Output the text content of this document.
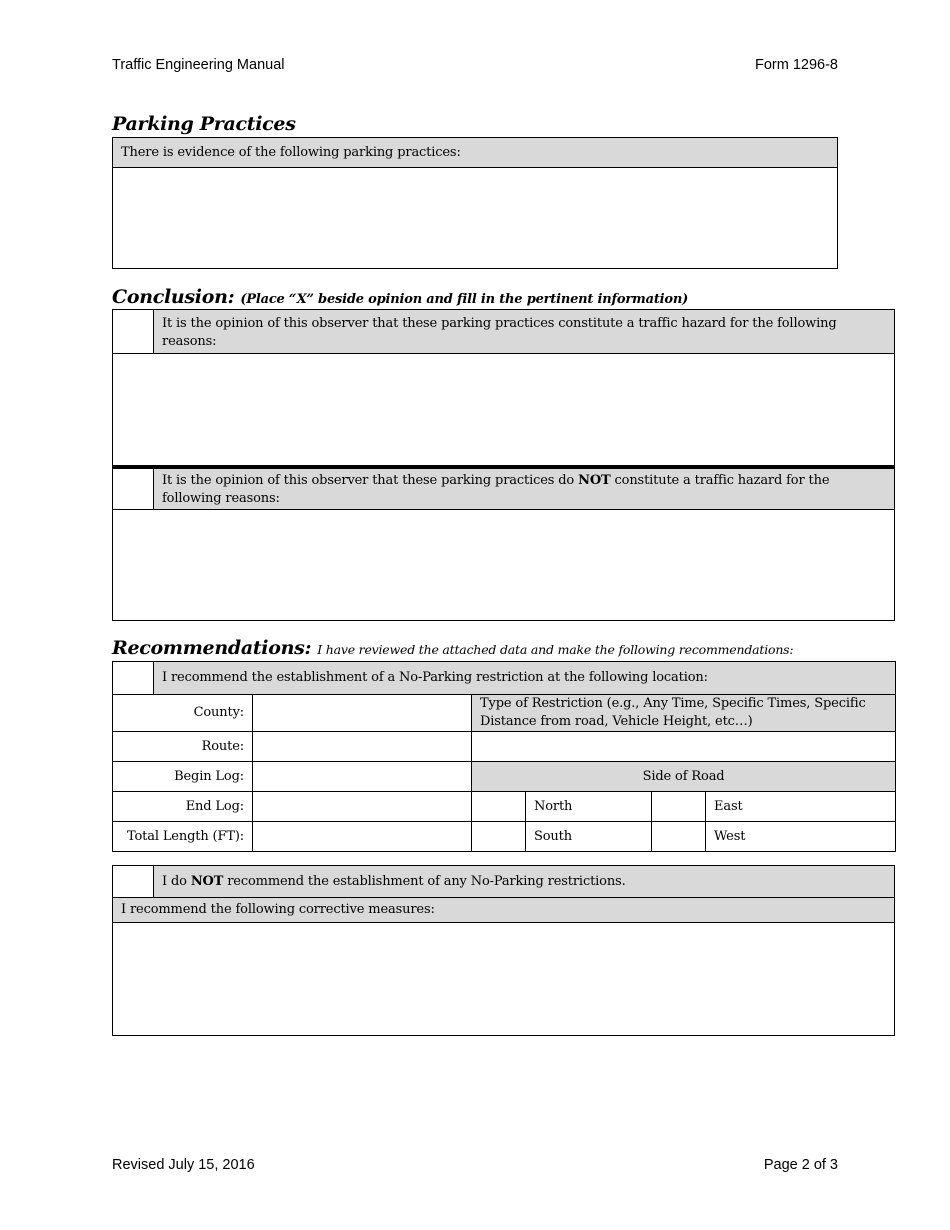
Traffic Engineering Manual	Form 1296-8
Parking Practices
There is evidence of the following parking practices:
Conclusion: (Place “X” beside opinion and fill in the pertinent information)
It is the opinion of this observer that these parking practices constitute a traffic hazard for the following reasons:
It is the opinion of this observer that these parking practices do NOT constitute a traffic hazard for the following reasons:
Recommendations: I have reviewed the attached data and make the following recommendations:
	I recommend the establishment of a No-Parking restriction at the following location:					
County:			Type of Restriction (e.g., Any Time, Specific Times, Specific Distance from road, Vehicle Height, etc…)			
Route:		
Begin Log:			Side of Road			
End Log:				North		East
Total Length (FT):				South		West
I do NOT recommend the establishment of any No-Parking restrictions.
I recommend the following corrective measures:
Revised July 15, 2016	Page 2 of 3
